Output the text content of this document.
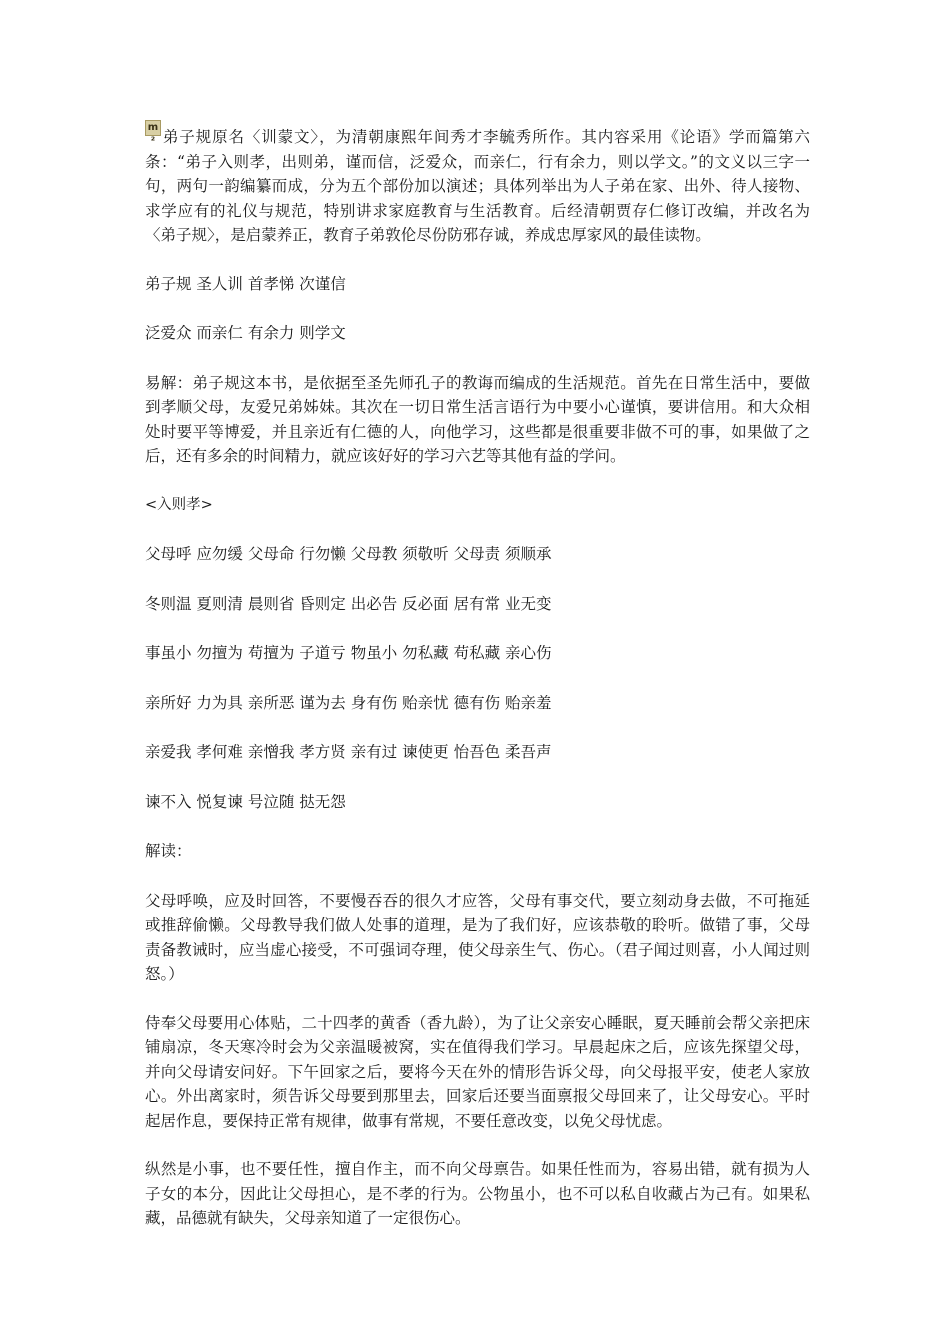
m² 弟子规原名〈训蒙文〉，为清朝康熙年间秀才李毓秀所作。其内容采用《论语》学而篇第六条：“弟子入则孝，出则弟，谨而信，泛爱众，而亲仁，行有余力，则以学文。”的文义以三字一句，两句一韵编纂而成，分为五个部份加以演述；具体列举出为人子弟在家、出外、待人接物、求学应有的礼仪与规范，特别讲求家庭教育与生活教育。后经清朝贾存仁修订改编，并改名为〈弟子规〉，是启蒙养正，教育子弟敦伦尽份防邪存诚，养成忠厚家风的最佳读物。

弟子规 圣人训 首孝悌 次谨信

泛爱众 而亲仁 有余力 则学文

易解：弟子规这本书，是依据至圣先师孔子的教诲而编成的生活规范。首先在日常生活中，要做到孝顺父母，友爱兄弟姊妹。其次在一切日常生活言语行为中要小心谨慎，要讲信用。和大众相处时要平等博爱，并且亲近有仁德的人，向他学习，这些都是很重要非做不可的事，如果做了之后，还有多余的时间精力，就应该好好的学习六艺等其他有益的学问。

<入则孝>

父母呼 应勿缓 父母命 行勿懒 父母教 须敬听 父母责 须顺承

冬则温 夏则清 晨则省 昏则定 出必告 反必面 居有常 业无变

事虽小 勿擅为 苟擅为 子道亏 物虽小 勿私藏 苟私藏 亲心伤

亲所好 力为具 亲所恶 谨为去 身有伤 贻亲忧 德有伤 贻亲羞

亲爱我 孝何难 亲憎我 孝方贤 亲有过 谏使更 怡吾色 柔吾声

谏不入 悦复谏 号泣随 挞无怨

解读：

父母呼唤，应及时回答，不要慢吞吞的很久才应答，父母有事交代，要立刻动身去做，不可拖延或推辞偷懒。父母教导我们做人处事的道理，是为了我们好，应该恭敬的聆听。做错了事，父母责备教诫时，应当虚心接受，不可强词夺理，使父母亲生气、伤心。（君子闻过则喜，小人闻过则怒。）

侍奉父母要用心体贴，二十四孝的黄香（香九龄），为了让父亲安心睡眠，夏天睡前会帮父亲把床铺扇凉，冬天寒冷时会为父亲温暖被窝，实在值得我们学习。早晨起床之后，应该先探望父母，并向父母请安问好。下午回家之后，要将今天在外的情形告诉父母，向父母报平安，使老人家放心。外出离家时，须告诉父母要到那里去，回家后还要当面禀报父母回来了，让父母安心。平时起居作息，要保持正常有规律，做事有常规，不要任意改变，以免父母忧虑。

纵然是小事，也不要任性，擅自作主，而不向父母禀告。如果任性而为，容易出错，就有损为人子女的本分，因此让父母担心，是不孝的行为。公物虽小，也不可以私自收藏占为己有。如果私藏，品德就有缺失，父母亲知道了一定很伤心。
